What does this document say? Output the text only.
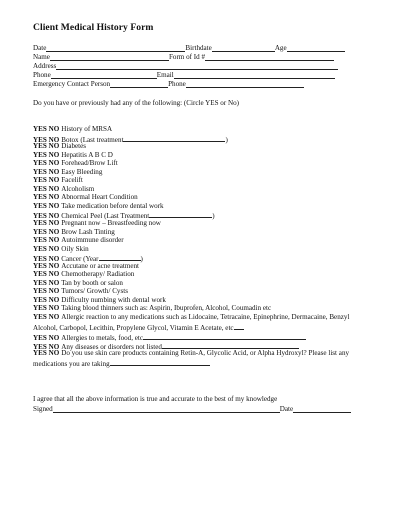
Client Medical History Form
Date	Birthdate	Age
Name	Form of Id #
Address
Phone	Email
Emergency Contact Person	Phone
Do you have or previously had any of the following: (Circle YES or No)
YES NO History of MRSA
YES NO Botox (Last treatment	)
YES NO Diabetes
YES NO Hepatitis A B C D
YES NO Forehead/Brow Lift
YES NO Easy Bleeding
YES NO Facelift
YES NO Alcoholism
YES NO Abnormal Heart Condition
YES NO Take medication before dental work
YES NO Chemical Peel (Last Treatment	)
YES NO Pregnant now – Breastfeeding now
YES NO Brow Lash Tinting
YES NO Autoimmune disorder
YES NO Oily Skin
YES NO Cancer (Year	)
YES NO Accutane or acne treatment
YES NO Chemotherapy/ Radiation
YES NO Tan by booth or salon
YES NO Tumors/ Growth/ Cysts
YES NO Difficulty numbing with dental work
YES NO Taking blood thinners such as: Aspirin, Ibuprofen, Alcohol, Coumadin etc
YES NO Allergic reaction to any medications such as Lidocaine, Tetracaine, Epinephrine, Dermacaine, Benzyl Alcohol, Carbopol, Lecithin, Propylene Glycol, Vitamin E Acetate, etc
YES NO Allergies to metals, food, etc
YES NO Any diseases or disorders not listed
YES NO Do you use skin care products containing Retin-A, Glycolic Acid, or Alpha Hydroxyl? Please list any medications you are taking
I agree that all the above information is true and accurate to the best of my knowledge
Signed	Date
